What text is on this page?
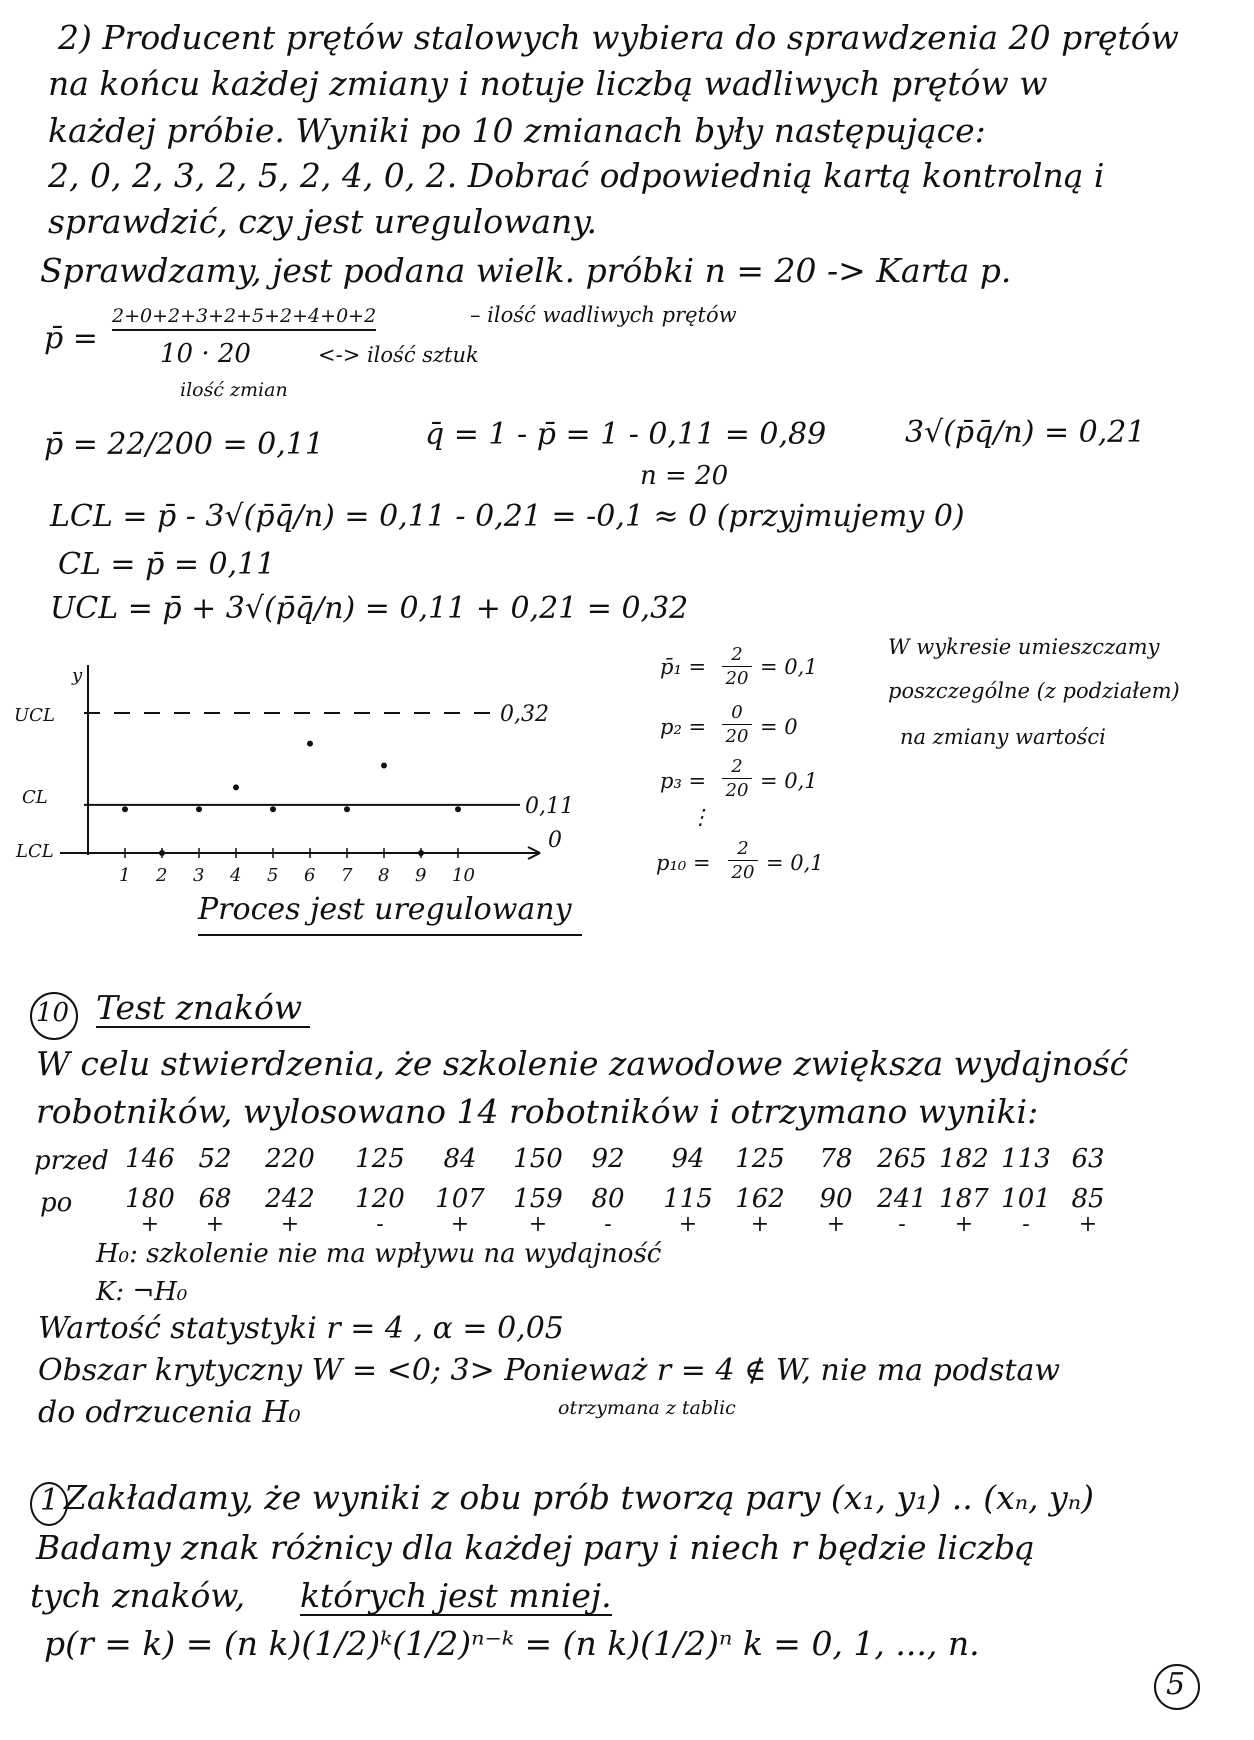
2) Producent prętów stalowych wybiera do sprawdzenia 20 prętów
na końcu każdej zmiany i notuje liczbą wadliwych prętów w
każdej próbie. Wyniki po 10 zmianach były następujące:
2, 0, 2, 3, 2, 5, 2, 4, 0, 2. Dobrać odpowiednią kartą kontrolną i
sprawdzić, czy jest uregulowany.
Sprawdzamy, jest podana wielk. próbki n = 20 -> Karta p.
p̄ =
2+0+2+3+2+5+2+4+0+2	– ilość wadliwych prętów
10 · 20	<-> ilość sztuk
ilość zmian
p̄ = 22/200 = 0,11	q̄ = 1 - p̄ = 1 - 0,11 = 0,89	3√(p̄q̄/n) = 0,21
n = 20
LCL = p̄ - 3√(p̄q̄/n) = 0,11 - 0,21 = -0,1 ≈ 0 (przyjmujemy 0)
CL = p̄ = 0,11
UCL = p̄ + 3√(p̄q̄/n) = 0,11 + 0,21 = 0,32
p̄₁ =
2
20 = 0,1
p₂ =
0
20 = 0
p₃ =
2
20 = 0,1
⋮
p₁₀ =
2
20 = 0,1
W wykresie umieszczamy
poszczególne (z podziałem)
na zmiany wartości
y
UCL
CL
LCL
0,32
0,11
0
1 2 3 4 5 6 7 8 9 10
Proces jest uregulowany
10 Test znaków
W celu stwierdzenia, że szkolenie zawodowe zwiększa wydajność
robotników, wylosowano 14 robotników i otrzymano wyniki:
przed
po
146 52	220	125	84	150	92	94	125	78 265 182 113 63
180 68	242	120	107	159	80	115 162	90 241 187 101 85
+ +	+	-	+	+	-	+ +	+	-	+	-	+
H₀: szkolenie nie ma wpływu na wydajność
K: ¬H₀
Wartość statystyki r = 4 , α = 0,05
Obszar krytyczny W = <0; 3> Ponieważ r = 4 ∉ W, nie ma podstaw
otrzymana z tablic
do odrzucenia H₀
1 Zakładamy, że wyniki z obu prób tworzą pary (x₁, y₁) .. (xₙ, yₙ)
Badamy znak różnicy dla każdej pary i niech r będzie liczbą
tych znaków, których jest mniej.
p(r = k) = (n k)(1/2)ᵏ(1/2)ⁿ⁻ᵏ = (n k)(1/2)ⁿ k = 0, 1, ..., n.
5
